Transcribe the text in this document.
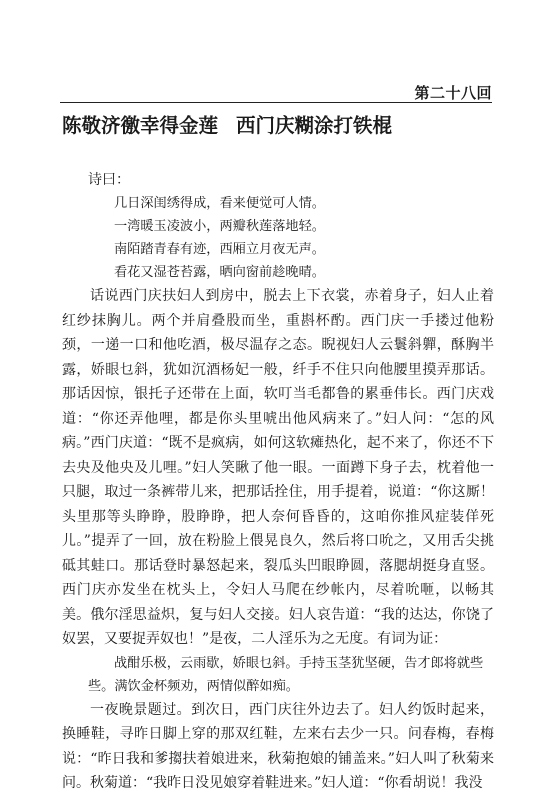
第二十八回
陈敬济徼幸得金莲 西门庆糊涂打铁棍

诗曰：

几日深闺绣得成，看来便觉可人情。

一湾暖玉凌波小，两瓣秋莲落地轻。

南陌踏青春有迹，西厢立月夜无声。

看花又湿苍苔露，晒向窗前趁晚晴。

话说西门庆扶妇人到房中，脱去上下衣裳，赤着身子，妇人止着红纱抹胸儿。两个并肩叠股而坐，重斟杯酌。西门庆一手搂过他粉颈，一递一口和他吃酒，极尽温存之态。睨视妇人云鬟斜軃，酥胸半露，娇眼乜斜，犹如沉酒杨妃一般，纤手不住只向他腰里摸弄那话。那话因惊，银托子还带在上面，软叮当毛都鲁的累垂伟长。西门庆戏道：“你还弄他哩，都是你头里唬出他风病来了。”妇人问：“怎的风病。”西门庆道：“既不是疯病，如何这软瘫热化，起不来了，你还不下去央及他央及儿哩。”妇人笑瞅了他一眼。一面蹲下身子去，枕着他一只腿，取过一条裤带儿来，把那话拴住，用手提着，说道：“你这厮！头里那等头睁睁，股睁睁，把人奈何昏昏的，这咱你推风症装佯死儿。”提弄了一回，放在粉脸上偎晃良久，然后将口吮之，又用舌尖挑砥其蛙口。那话登时暴怒起来，裂瓜头凹眼睁圆，落腮胡挺身直竖。西门庆亦发坐在枕头上，令妇人马爬在纱帐内，尽着吮咂，以畅其美。俄尔淫思益炽，复与妇人交接。妇人哀告道：“我的达达，你饶了奴罢，又要捉弄奴也！”是夜，二人淫乐为之无度。有词为证：

战酣乐极，云雨歇，娇眼乜斜。手持玉茎犹坚硬，告才郎将就些些。满饮金杯频劝，两情似醉如痴。

一夜晚景题过。到次日，西门庆往外边去了。妇人约饭时起来，换睡鞋，寻昨日脚上穿的那双红鞋，左来右去少一只。问春梅，春梅说：“昨日我和爹搊扶着娘进来，秋菊抱娘的铺盖来。”妇人叫了秋菊来问。秋菊道：“我昨日没见娘穿着鞋进来。”妇人道：“你看胡说！我没
